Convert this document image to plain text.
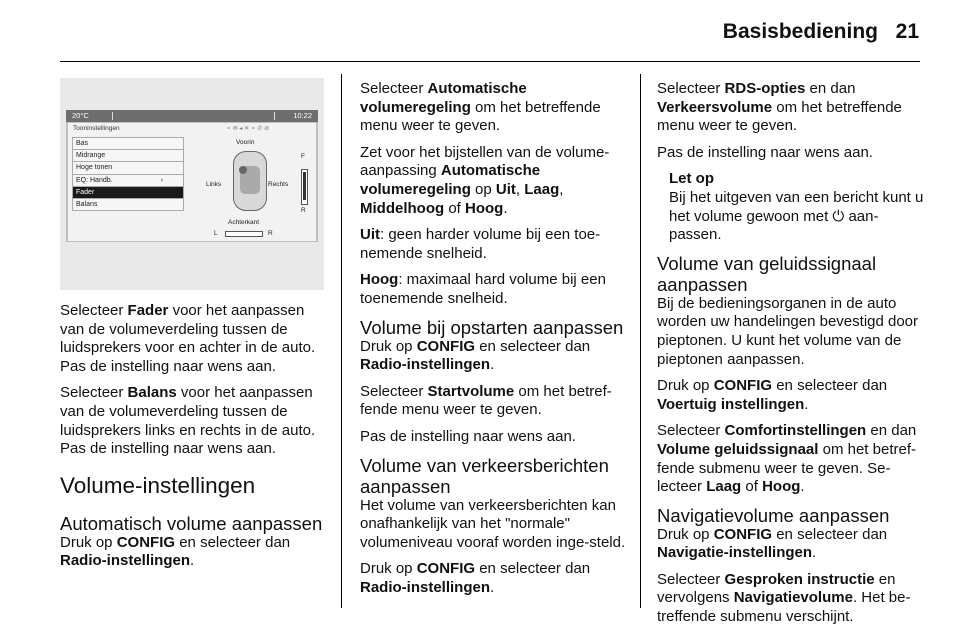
Basisbediening 21
20°C	10:22
Tooninstellingen	⚬ ✉ ◂ ✕ ⚬ ✆ ⊘
Bas
Midrange
Hoge tonen
EQ: Handb.	›
Fader
Balans
Voorin
Links	Rechts
Achterkant
F
R
L	R

Selecteer Fader voor het aanpassen van de volumeverdeling tussen de luidsprekers voor en achter in de auto. Pas de instelling naar wens aan.

Selecteer Balans voor het aanpassen van de volumeverdeling tussen de luidsprekers links en rechts in de auto. Pas de instelling naar wens aan.

Volume-instellingen
Automatisch volume aanpassen

Druk op CONFIG en selecteer dan Radio-instellingen.

Selecteer Automatische volumeregeling om het betreffende menu weer te geven.

Zet voor het bijstellen van de volume-aanpassing Automatische volumeregeling op Uit, Laag, Middelhoog of Hoog.

Uit: geen harder volume bij een toe-nemende snelheid.

Hoog: maximaal hard volume bij een toenemende snelheid.

Volume bij opstarten aanpassen

Druk op CONFIG en selecteer dan Radio-instellingen.

Selecteer Startvolume om het betref-fende menu weer te geven.

Pas de instelling naar wens aan.

Volume van verkeersberichten aanpassen

Het volume van verkeersberichten kan onafhankelijk van het "normale" volumeniveau vooraf worden inge-steld.

Druk op CONFIG en selecteer dan Radio-instellingen.

Selecteer RDS-opties en dan Verkeersvolume om het betreffende menu weer te geven.

Pas de instelling naar wens aan.

Let op
Bij het uitgeven van een bericht kunt u het volume gewoon met ⏻ aan-passen.
Volume van geluidssignaal aanpassen

Bij de bedieningsorganen in de auto worden uw handelingen bevestigd door pieptonen. U kunt het volume van de pieptonen aanpassen.

Druk op CONFIG en selecteer dan Voertuig instellingen.

Selecteer Comfortinstellingen en dan Volume geluidssignaal om het betref-fende submenu weer te geven. Se-lecteer Laag of Hoog.

Navigatievolume aanpassen

Druk op CONFIG en selecteer dan Navigatie-instellingen.

Selecteer Gesproken instructie en vervolgens Navigatievolume. Het be-treffende submenu verschijnt.
